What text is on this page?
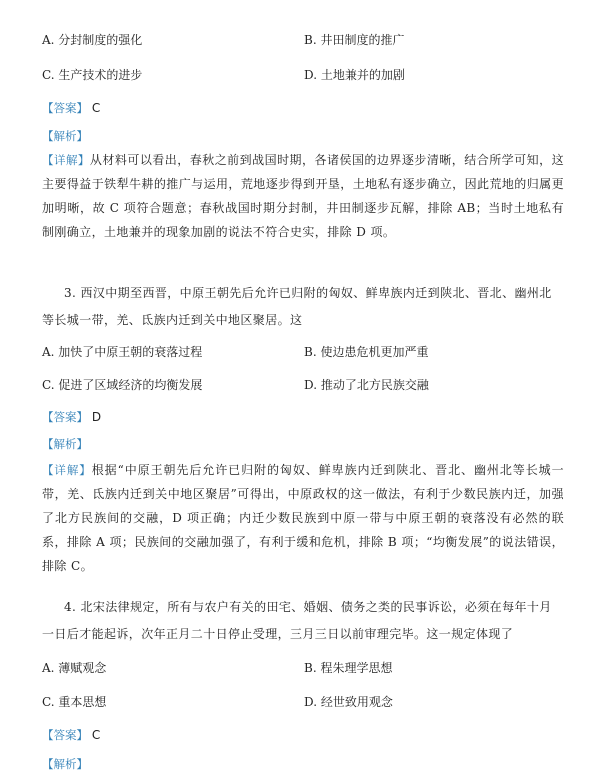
A. 分封制度的强化	B. 井田制度的推广
C. 生产技术的进步	D. 土地兼并的加剧
【答案】 C
【解析】
【详解】从材料可以看出，春秋之前到战国时期，各诸侯国的边界逐步清晰，结合所学可知，这主要得益于铁犁牛耕的推广与运用，荒地逐步得到开垦，土地私有逐步确立，因此荒地的归属更加明晰，故 C 项符合题意；春秋战国时期分封制，井田制逐步瓦解，排除 AB；当时土地私有制刚确立，土地兼并的现象加剧的说法不符合史实，排除 D 项。
3. 西汉中期至西晋，中原王朝先后允许已归附的匈奴、鲜卑族内迁到陕北、晋北、幽州北等长城一带，羌、氐族内迁到关中地区聚居。这
A. 加快了中原王朝的衰落过程	B. 使边患危机更加严重
C. 促进了区域经济的均衡发展	D. 推动了北方民族交融
【答案】 D
【解析】
【详解】根据“中原王朝先后允许已归附的匈奴、鲜卑族内迁到陕北、晋北、幽州北等长城一带，羌、氐族内迁到关中地区聚居”可得出，中原政权的这一做法，有利于少数民族内迁，加强了北方民族间的交融，D 项正确；内迁少数民族到中原一带与中原王朝的衰落没有必然的联系，排除 A 项；民族间的交融加强了，有利于缓和危机，排除 B 项；“均衡发展”的说法错误，排除 C。
4. 北宋法律规定，所有与农户有关的田宅、婚姻、债务之类的民事诉讼，必须在每年十月一日后才能起诉，次年正月二十日停止受理，三月三日以前审理完毕。这一规定体现了
A. 薄赋观念	B. 程朱理学思想
C. 重本思想	D. 经世致用观念
【答案】 C
【解析】
